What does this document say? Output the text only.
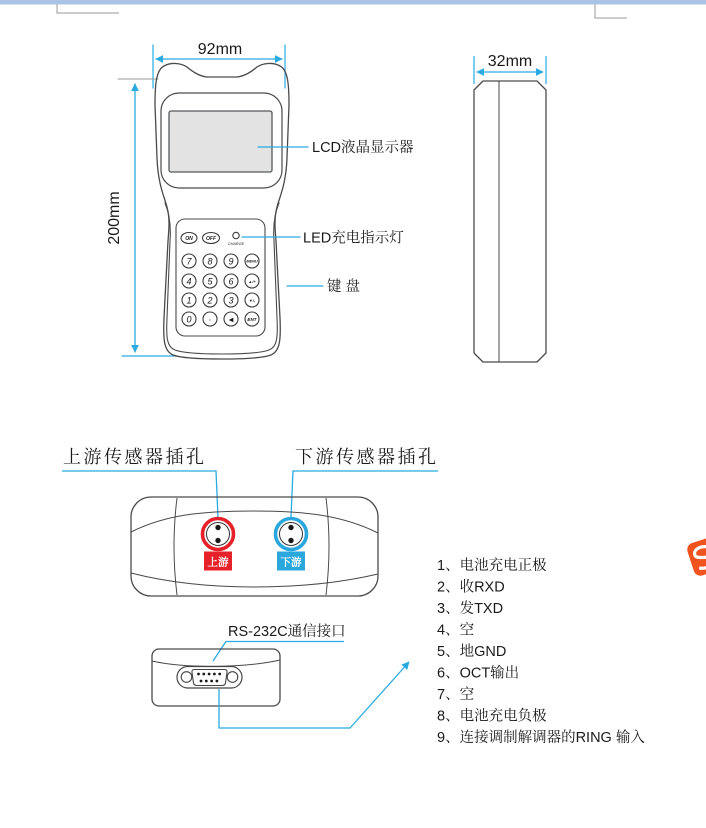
92mm
200mm	ON	OFF
CHARGE
7 8 9	MENU
4 5 6	▲/+
1 2 3	▼/-
0 ·	◀	ENT
LCD液晶显示器
LED充电指示灯
键 盘
32mm
上游传感器插孔	下游传感器插孔
上游	下游
RS-232C通信接口
1、电池充电正极
2、收RXD
3、发TXD
4、空
5、地GND
6、OCT输出
7、空
8、电池充电负极
9、连接调制解调器的RING 输入
